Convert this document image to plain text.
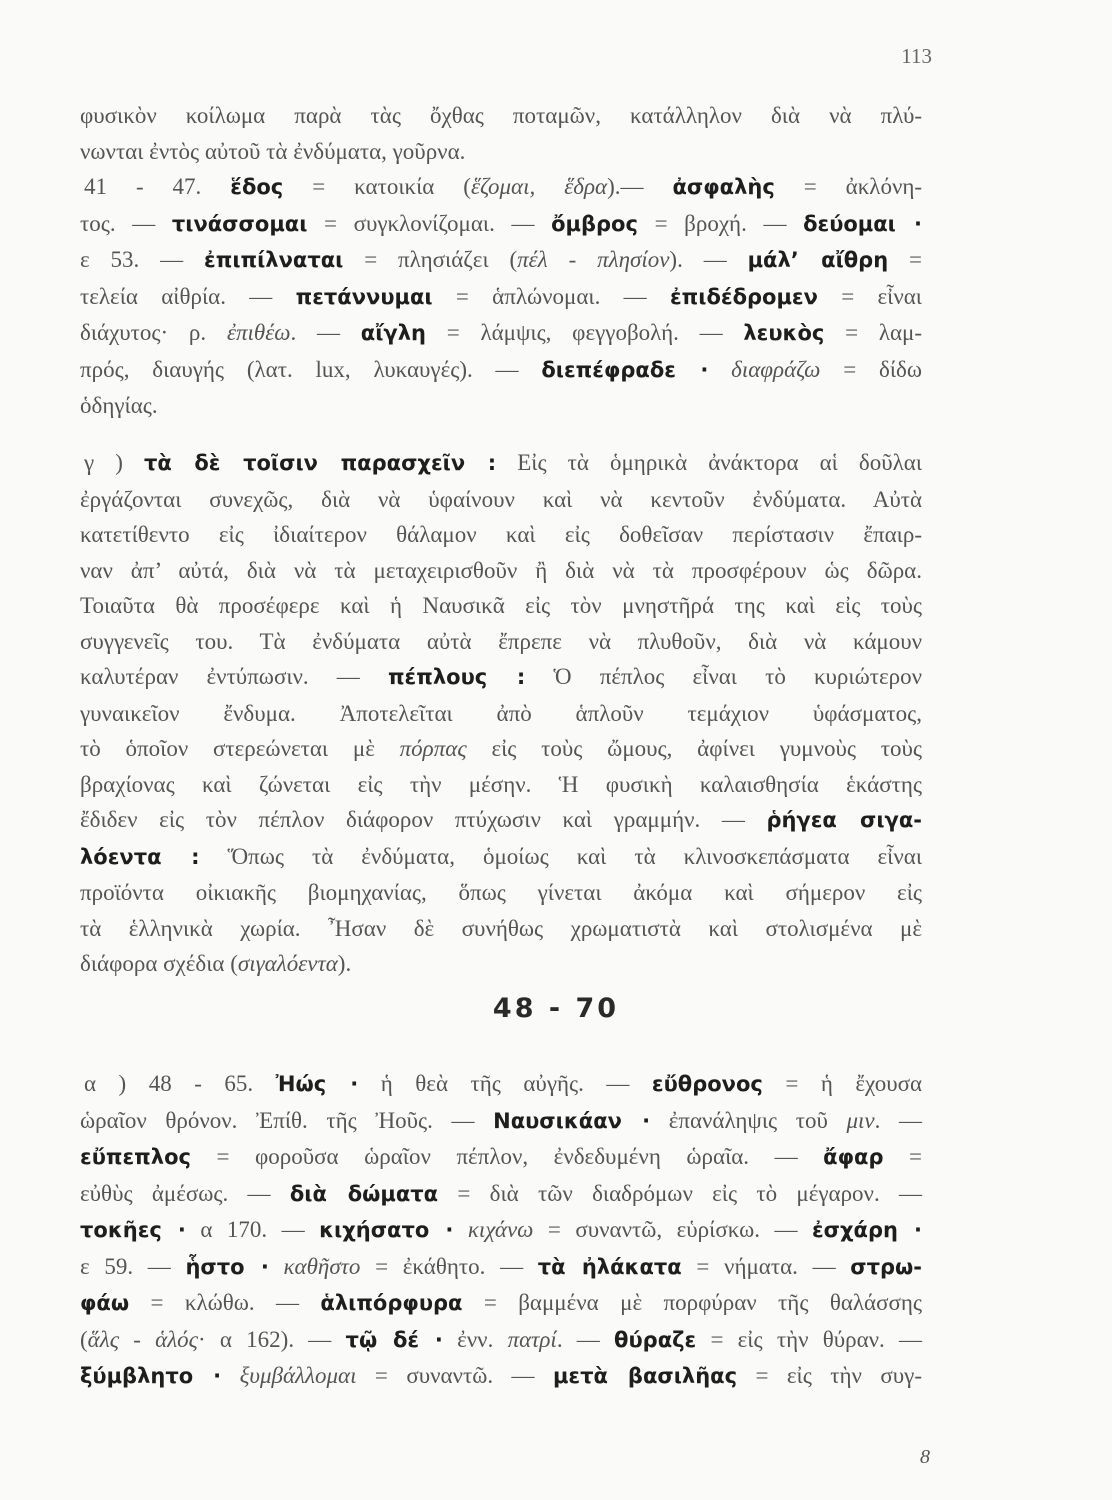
113
φυσικὸν κοίλωμα παρὰ τὰς ὄχθας ποταμῶν, κατάλληλον διὰ νὰ πλύ-
νωνται ἐντὸς αὐτοῦ τὰ ἐνδύματα, γοῦρνα.
41 - 47. ἕδος = κατοικία (ἕζομαι, ἕδρα).— ἀσφαλὴς = ἀκλόνη-
τος. — τινάσσομαι = συγκλονίζομαι. — ὄμβρος = βροχή. — δεύομαι ·
ε 53. — ἐπιπίλναται = πλησιάζει (πέλ - πλησίον). — μάλ’ αἴθρη =
τελεία αἰθρία. — πετάννυμαι = ἁπλώνομαι. — ἐπιδέδρομεν = εἶναι
διάχυτος· ρ. ἐπιθέω. — αἴγλη = λάμψις, φεγγοβολή. — λευκὸς = λαμ-
πρός, διαυγής (λατ. lux, λυκαυγές). — διεπέφραδε · διαφράζω = δίδω
ὁδηγίας.
γ ) τὰ δὲ τοῖσιν παρασχεῖν : Εἰς τὰ ὁμηρικὰ ἀνάκτορα αἱ δοῦλαι
ἐργάζονται συνεχῶς, διὰ νὰ ὑφαίνουν καὶ νὰ κεντοῦν ἐνδύματα. Αὐτὰ
κατετίθεντο εἰς ἰδιαίτερον θάλαμον καὶ εἰς δοθεῖσαν περίστασιν ἔπαιρ-
ναν ἀπ’ αὐτά, διὰ νὰ τὰ μεταχειρισθοῦν ἢ διὰ νὰ τὰ προσφέρουν ὡς δῶρα.
Τοιαῦτα θὰ προσέφερε καὶ ἡ Ναυσικᾶ εἰς τὸν μνηστῆρά της καὶ εἰς τοὺς
συγγενεῖς του. Τὰ ἐνδύματα αὐτὰ ἔπρεπε νὰ πλυθοῦν, διὰ νὰ κάμουν
καλυτέραν ἐντύπωσιν. — πέπλους : Ὁ πέπλος εἶναι τὸ κυριώτερον
γυναικεῖον ἔνδυμα. Ἀποτελεῖται ἀπὸ ἁπλοῦν τεμάχιον ὑφάσματος,
τὸ ὁποῖον στερεώνεται μὲ πόρπας εἰς τοὺς ὤμους, ἀφίνει γυμνοὺς τοὺς
βραχίονας καὶ ζώνεται εἰς τὴν μέσην. Ἡ φυσικὴ καλαισθησία ἑκάστης
ἔδιδεν εἰς τὸν πέπλον διάφορον πτύχωσιν καὶ γραμμήν. — ῥήγεα σιγα-
λόεντα : Ὅπως τὰ ἐνδύματα, ὁμοίως καὶ τὰ κλινοσκεπάσματα εἶναι
προϊόντα οἰκιακῆς βιομηχανίας, ὅπως γίνεται ἀκόμα καὶ σήμερον εἰς
τὰ ἑλληνικὰ χωρία. Ἦσαν δὲ συνήθως χρωματιστὰ καὶ στολισμένα μὲ
διάφορα σχέδια (σιγαλόεντα).
48 - 70
α ) 48 - 65. Ἠώς · ἡ θεὰ τῆς αὐγῆς. — εὔθρονος = ἡ ἔχουσα
ὡραῖον θρόνον. Ἐπίθ. τῆς Ἠοῦς. — Ναυσικάαν · ἐπανάληψις τοῦ μιν. —
εὔπεπλος = φοροῦσα ὡραῖον πέπλον, ἐνδεδυμένη ὡραῖα. — ἄφαρ =
εὐθὺς ἀμέσως. — διὰ δώματα = διὰ τῶν διαδρόμων εἰς τὸ μέγαρον. —
τοκῆες · α 170. — κιχήσατο · κιχάνω = συναντῶ, εὑρίσκω. — ἐσχάρη ·
ε 59. — ἧστο · καθῆστο = ἐκάθητο. — τὰ ἠλάκατα = νήματα. — στρω-
φάω = κλώθω. — ἁλιπόρφυρα = βαμμένα μὲ πορφύραν τῆς θαλάσσης
(ἅλς - ἁλός· α 162). — τῷ δέ · ἐνν. πατρί. — θύραζε = εἰς τὴν θύραν. —
ξύμβλητο · ξυμβάλλομαι = συναντῶ. — μετὰ βασιλῆας = εἰς τὴν συγ-
8
